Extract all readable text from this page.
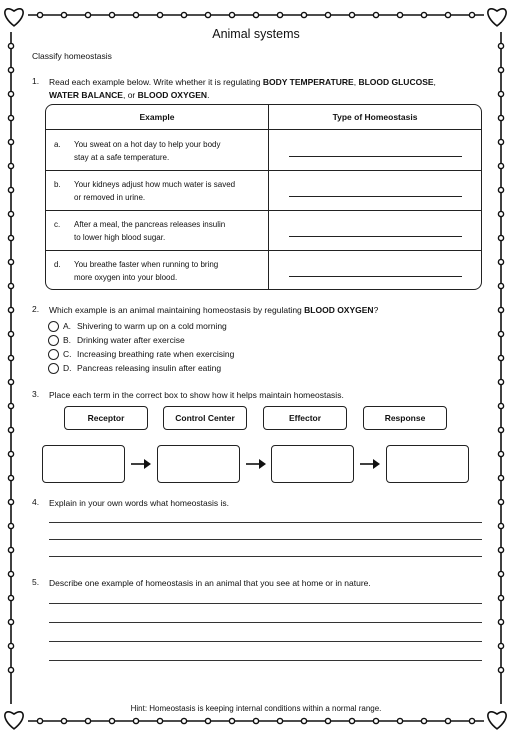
Animal systems
Classify homeostasis
1. Read each example below. Write whether it is regulating BODY TEMPERATURE, BLOOD GLUCOSE,
WATER BALANCE, or BLOOD OXYGEN.
Example	Type of Homeostasis
a. You sweat on a hot day to help your body
stay at a safe temperature.
b. Your kidneys adjust how much water is saved
or removed in urine.
c. After a meal, the pancreas releases insulin
to lower high blood sugar.
d. You breathe faster when running to bring
more oxygen into your blood.
2. Which example is an animal maintaining homeostasis by regulating BLOOD OXYGEN?
A. Shivering to warm up on a cold morning
B. Drinking water after exercise
C. Increasing breathing rate when exercising
D. Pancreas releasing insulin after eating
3. Place each term in the correct box to show how it helps maintain homeostasis.
Receptor	Control Center	Effector	Response
4. Explain in your own words what homeostasis is.
5. Describe one example of homeostasis in an animal that you see at home or in nature.
Hint: Homeostasis is keeping internal conditions within a normal range.
